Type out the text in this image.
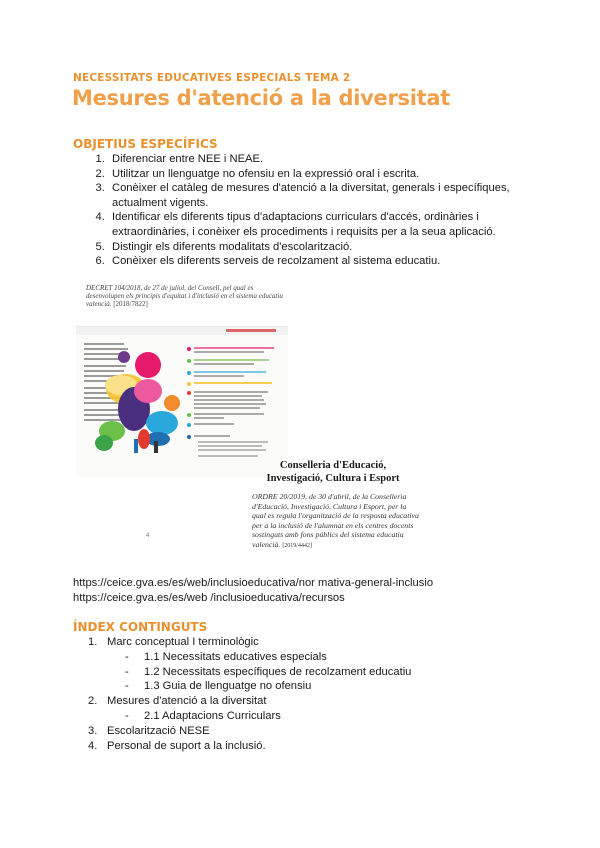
NECESSITATS EDUCATIVES ESPECIALS TEMA 2
Mesures d'atenció a la diversitat
OBJETIUS ESPECÍFICS
1. Diferenciar entre NEE i NEAE.
2. Utilitzar un llenguatge no ofensiu en la expressió oral i escrita.
3. Conèixer el catàleg de mesures d'atenció a la diversitat, generals i específiques, actualment vigents.
4. Identificar els diferents tipus d'adaptacions curriculars d'accés, ordinàries i extraordinàries, i conèixer els procediments i requisits per a la seua aplicació.
5. Distingir els diferents modalitats d'escolarització.
6. Conèixer els diferents serveis de recolzament al sistema educatiu.
DECRET 104/2018, de 27 de juliol, del Consell, pel qual es desenvolupen els principis d'equitat i d'inclusió en el sistema educatiu valencià. [2018/7822]
Conselleria d'Educació,
Investigació, Cultura i Esport
ORDRE 20/2019, de 30 d'abril, de la Conselleria d'Educació, Investigació, Cultura i Esport, per la qual es regula l'organització de la resposta educativa per a la inclusió de l'alumnat en els centres docents sostinguts amb fons públics del sistema educatiu valencià. [2019/4442]
4
https://ceice.gva.es/es/web/inclusioeducativa/nor mativa-general-inclusio
https://ceice.gva.es/es/web /inclusioeducativa/recursos
ÍNDEX CONTINGUTS
1. Marc conceptual I terminològic
- 1.1 Necessitats educatives especials
- 1.2 Necessitats específiques de recolzament educatiu
- 1.3 Guia de llenguatge no ofensiu
2. Mesures d'atenció a la diversitat
- 2.1 Adaptacions Curriculars
3. Escolarització NESE
4. Personal de suport a la inclusió.
